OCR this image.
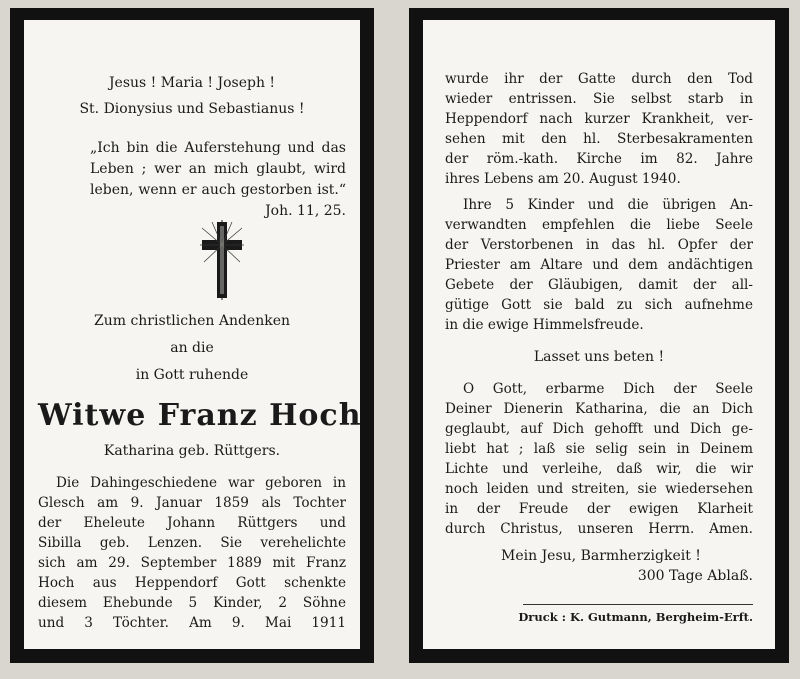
Jesus ! Maria ! Joseph !
St. Dionysius und Sebastianus !
„Ich bin die Auferstehung und das
Leben ; wer an mich glaubt, wird
leben, wenn er auch gestorben ist.“
Joh. 11, 25.
Zum christlichen Andenken
an die
in Gott ruhende
Witwe Franz Hoch
Katharina geb. Rüttgers.
Die Dahingeschiedene war geboren in
Glesch am 9. Januar 1859 als Tochter
der Eheleute Johann Rüttgers und
Sibilla geb. Lenzen. Sie verehelichte
sich am 29. September 1889 mit Franz
Hoch aus Heppendorf Gott schenkte
diesem Ehebunde 5 Kinder, 2 Söhne
und 3 Töchter. Am 9. Mai 1911
wurde ihr der Gatte durch den Tod
wieder entrissen. Sie selbst starb in
Heppendorf nach kurzer Krankheit, ver-
sehen mit den hl. Sterbesakramenten
der röm.-kath. Kirche im 82. Jahre
ihres Lebens am 20. August 1940.
Ihre 5 Kinder und die übrigen An-
verwandten empfehlen die liebe Seele
der Verstorbenen in das hl. Opfer der
Priester am Altare und dem andächtigen
Gebete der Gläubigen, damit der all-
gütige Gott sie bald zu sich aufnehme
in die ewige Himmelsfreude.
Lasset uns beten !
O Gott, erbarme Dich der Seele
Deiner Dienerin Katharina, die an Dich
geglaubt, auf Dich gehofft und Dich ge-
liebt hat ; laß sie selig sein in Deinem
Lichte und verleihe, daß wir, die wir
noch leiden und streiten, sie wiedersehen
in der Freude der ewigen Klarheit
durch Christus, unseren Herrn. Amen.
Mein Jesu, Barmherzigkeit !
300 Tage Ablaß.
Druck : K. Gutmann, Bergheim-Erft.
